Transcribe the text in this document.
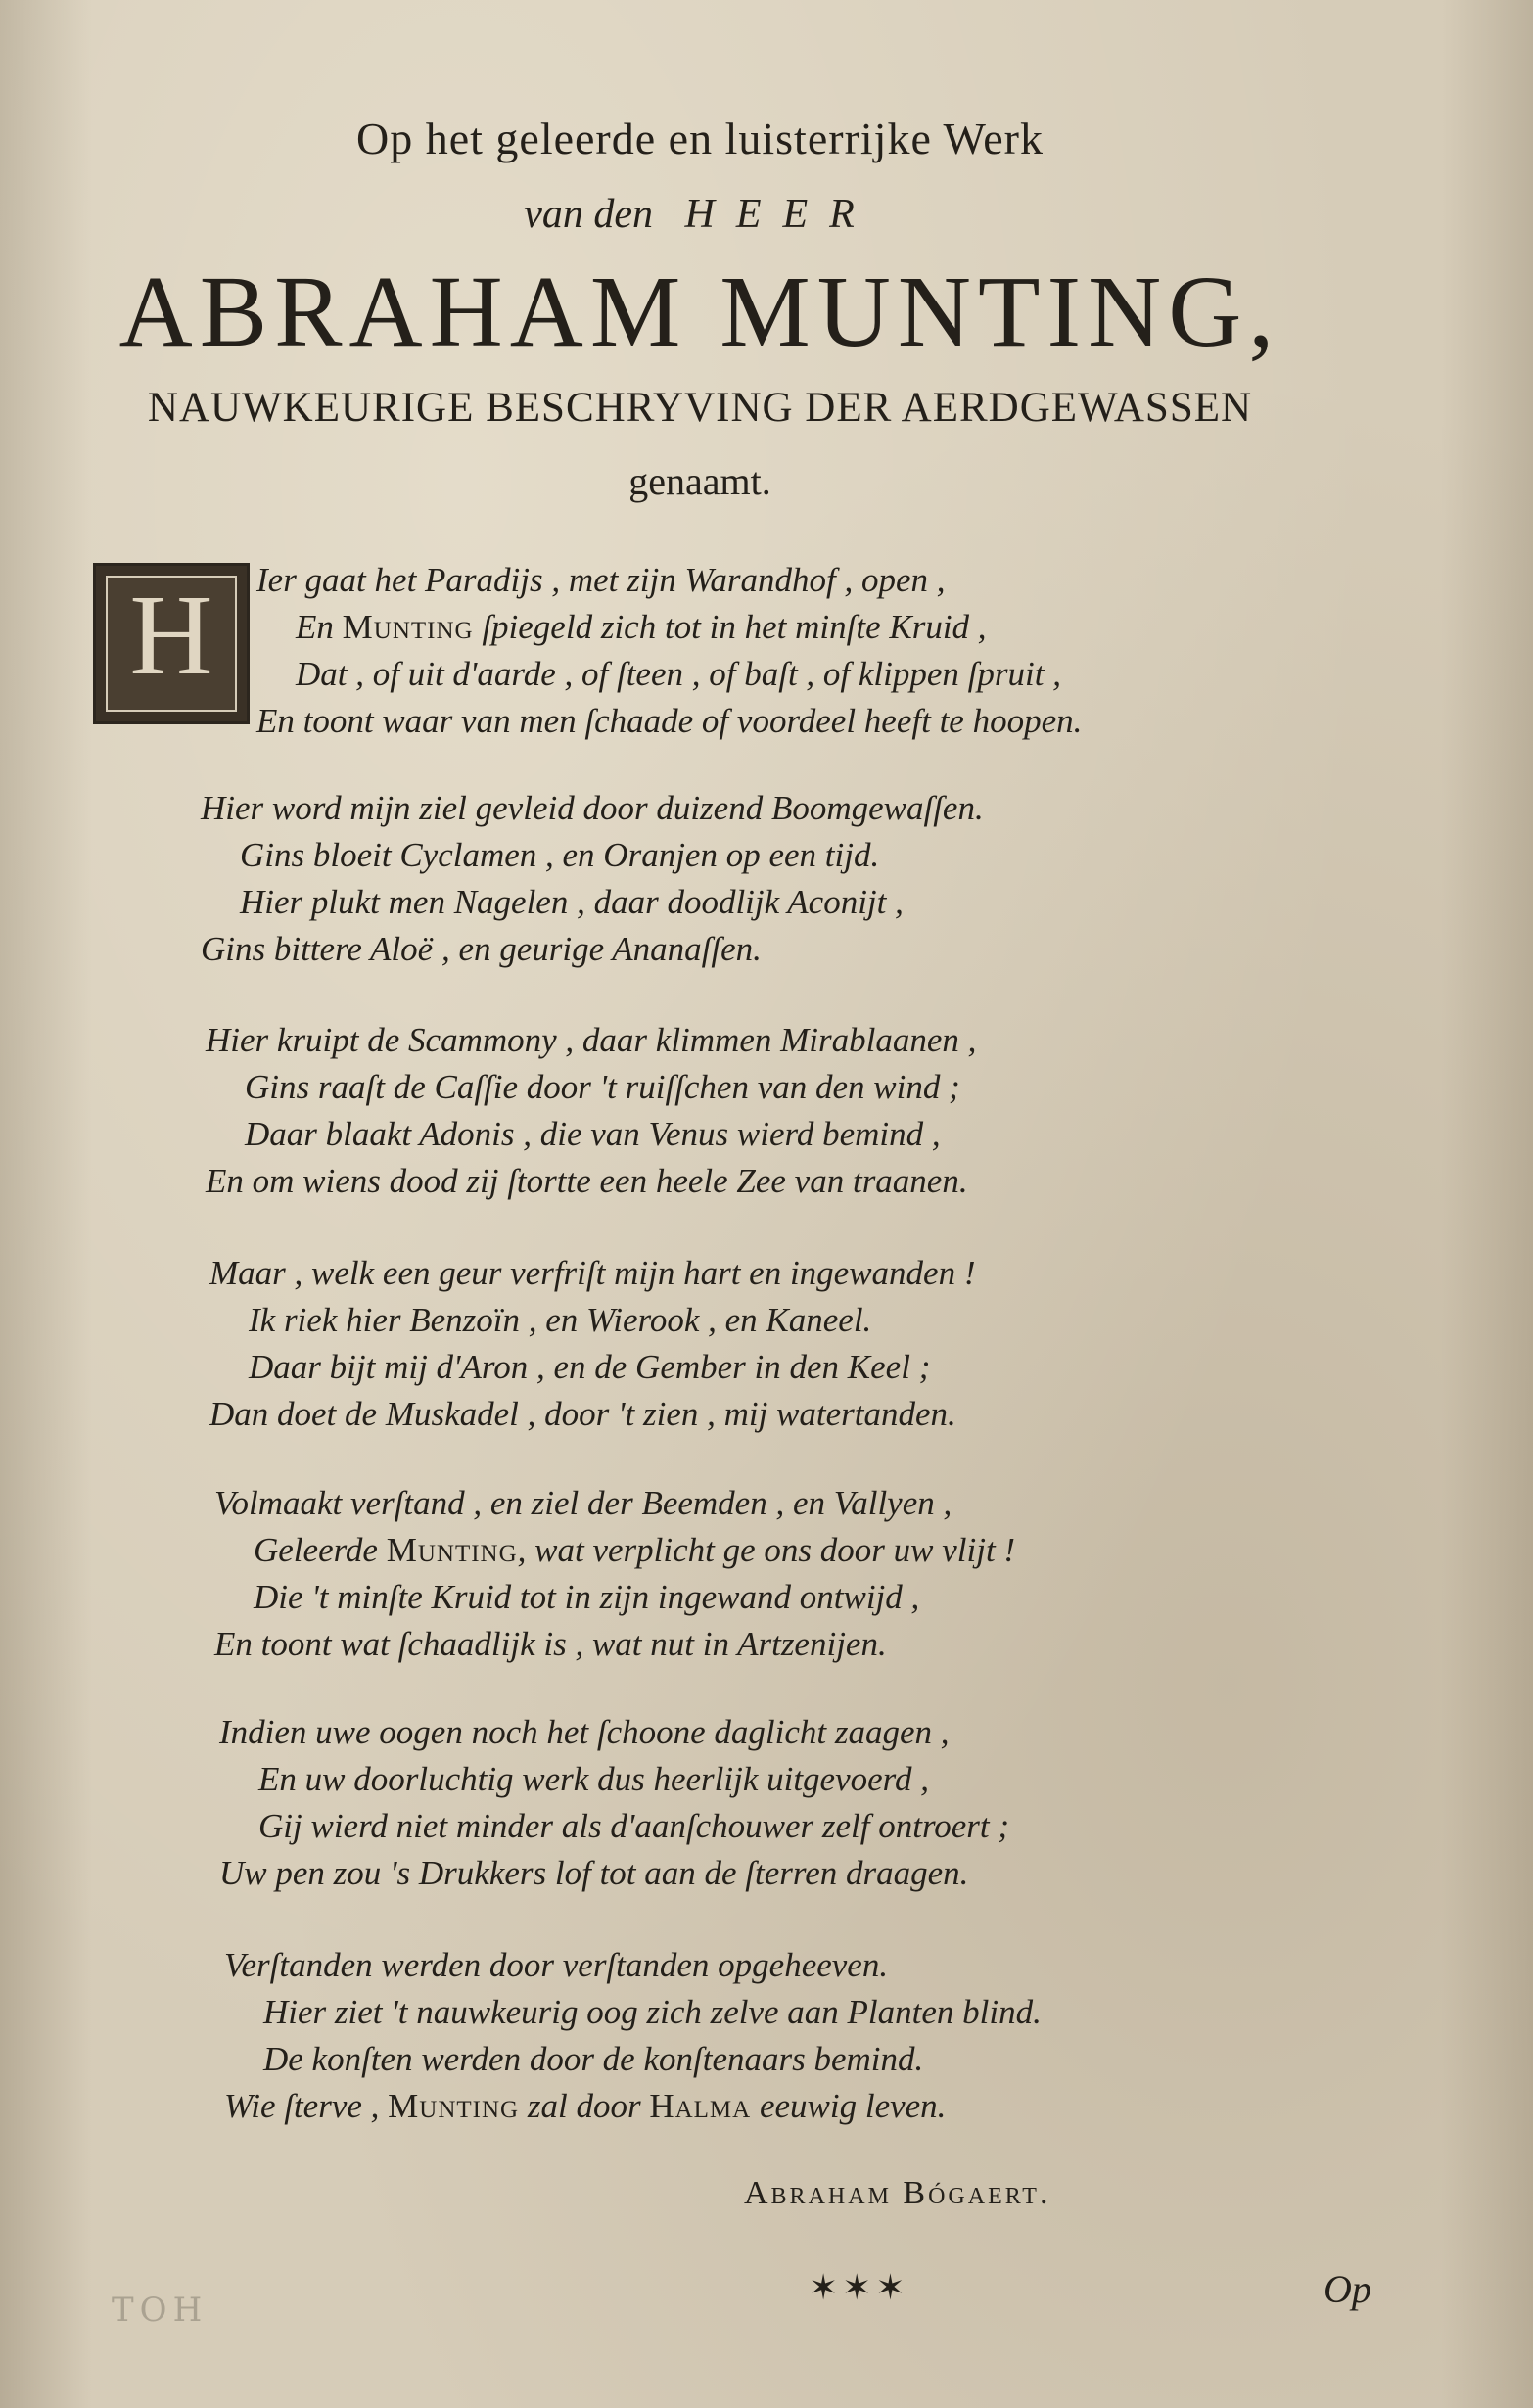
Op het geleerde en luisterrijke Werk
van den HEER
ABRAHAM MUNTING,
NAUWKEURIGE BESCHRYVING DER AERDGEWASSEN
genaamt.
H	Ier gaat het Paradijs , met zijn Warandhof , open ,
En Munting ſpiegeld zich tot in het minſte Kruid ,
Dat , of uit d'aarde , of ſteen , of baſt , of klippen ſpruit ,
En toont waar van men ſchaade of voordeel heeft te hoopen.
Hier word mijn ziel gevleid door duizend Boomgewaſſen.
Gins bloeit Cyclamen , en Oranjen op een tijd.
Hier plukt men Nagelen , daar doodlijk Aconijt ,
Gins bittere Aloë , en geurige Ananaſſen.
Hier kruipt de Scammony , daar klimmen Mirablaanen ,
Gins raaſt de Caſſie door 't ruiſſchen van den wind ;
Daar blaakt Adonis , die van Venus wierd bemind ,
En om wiens dood zij ſtortte een heele Zee van traanen.
Maar , welk een geur verfriſt mijn hart en ingewanden !
Ik riek hier Benzoïn , en Wierook , en Kaneel.
Daar bijt mij d'Aron , en de Gember in den Keel ;
Dan doet de Muskadel , door 't zien , mij watertanden.
Volmaakt verſtand , en ziel der Beemden , en Vallyen ,
Geleerde Munting, wat verplicht ge ons door uw vlijt !
Die 't minſte Kruid tot in zijn ingewand ontwijd ,
En toont wat ſchaadlijk is , wat nut in Artzenijen.
Indien uwe oogen noch het ſchoone daglicht zaagen ,
En uw doorluchtig werk dus heerlijk uitgevoerd ,
Gij wierd niet minder als d'aanſchouwer zelf ontroert ;
Uw pen zou 's Drukkers lof tot aan de ſterren draagen.
Verſtanden werden door verſtanden opgeheeven.
Hier ziet 't nauwkeurig oog zich zelve aan Planten blind.
De konſten werden door de konſtenaars bemind.
Wie ſterve , Munting zal door Halma eeuwig leven.
Abraham Bógaert.
✶✶✶	Op
HOT
